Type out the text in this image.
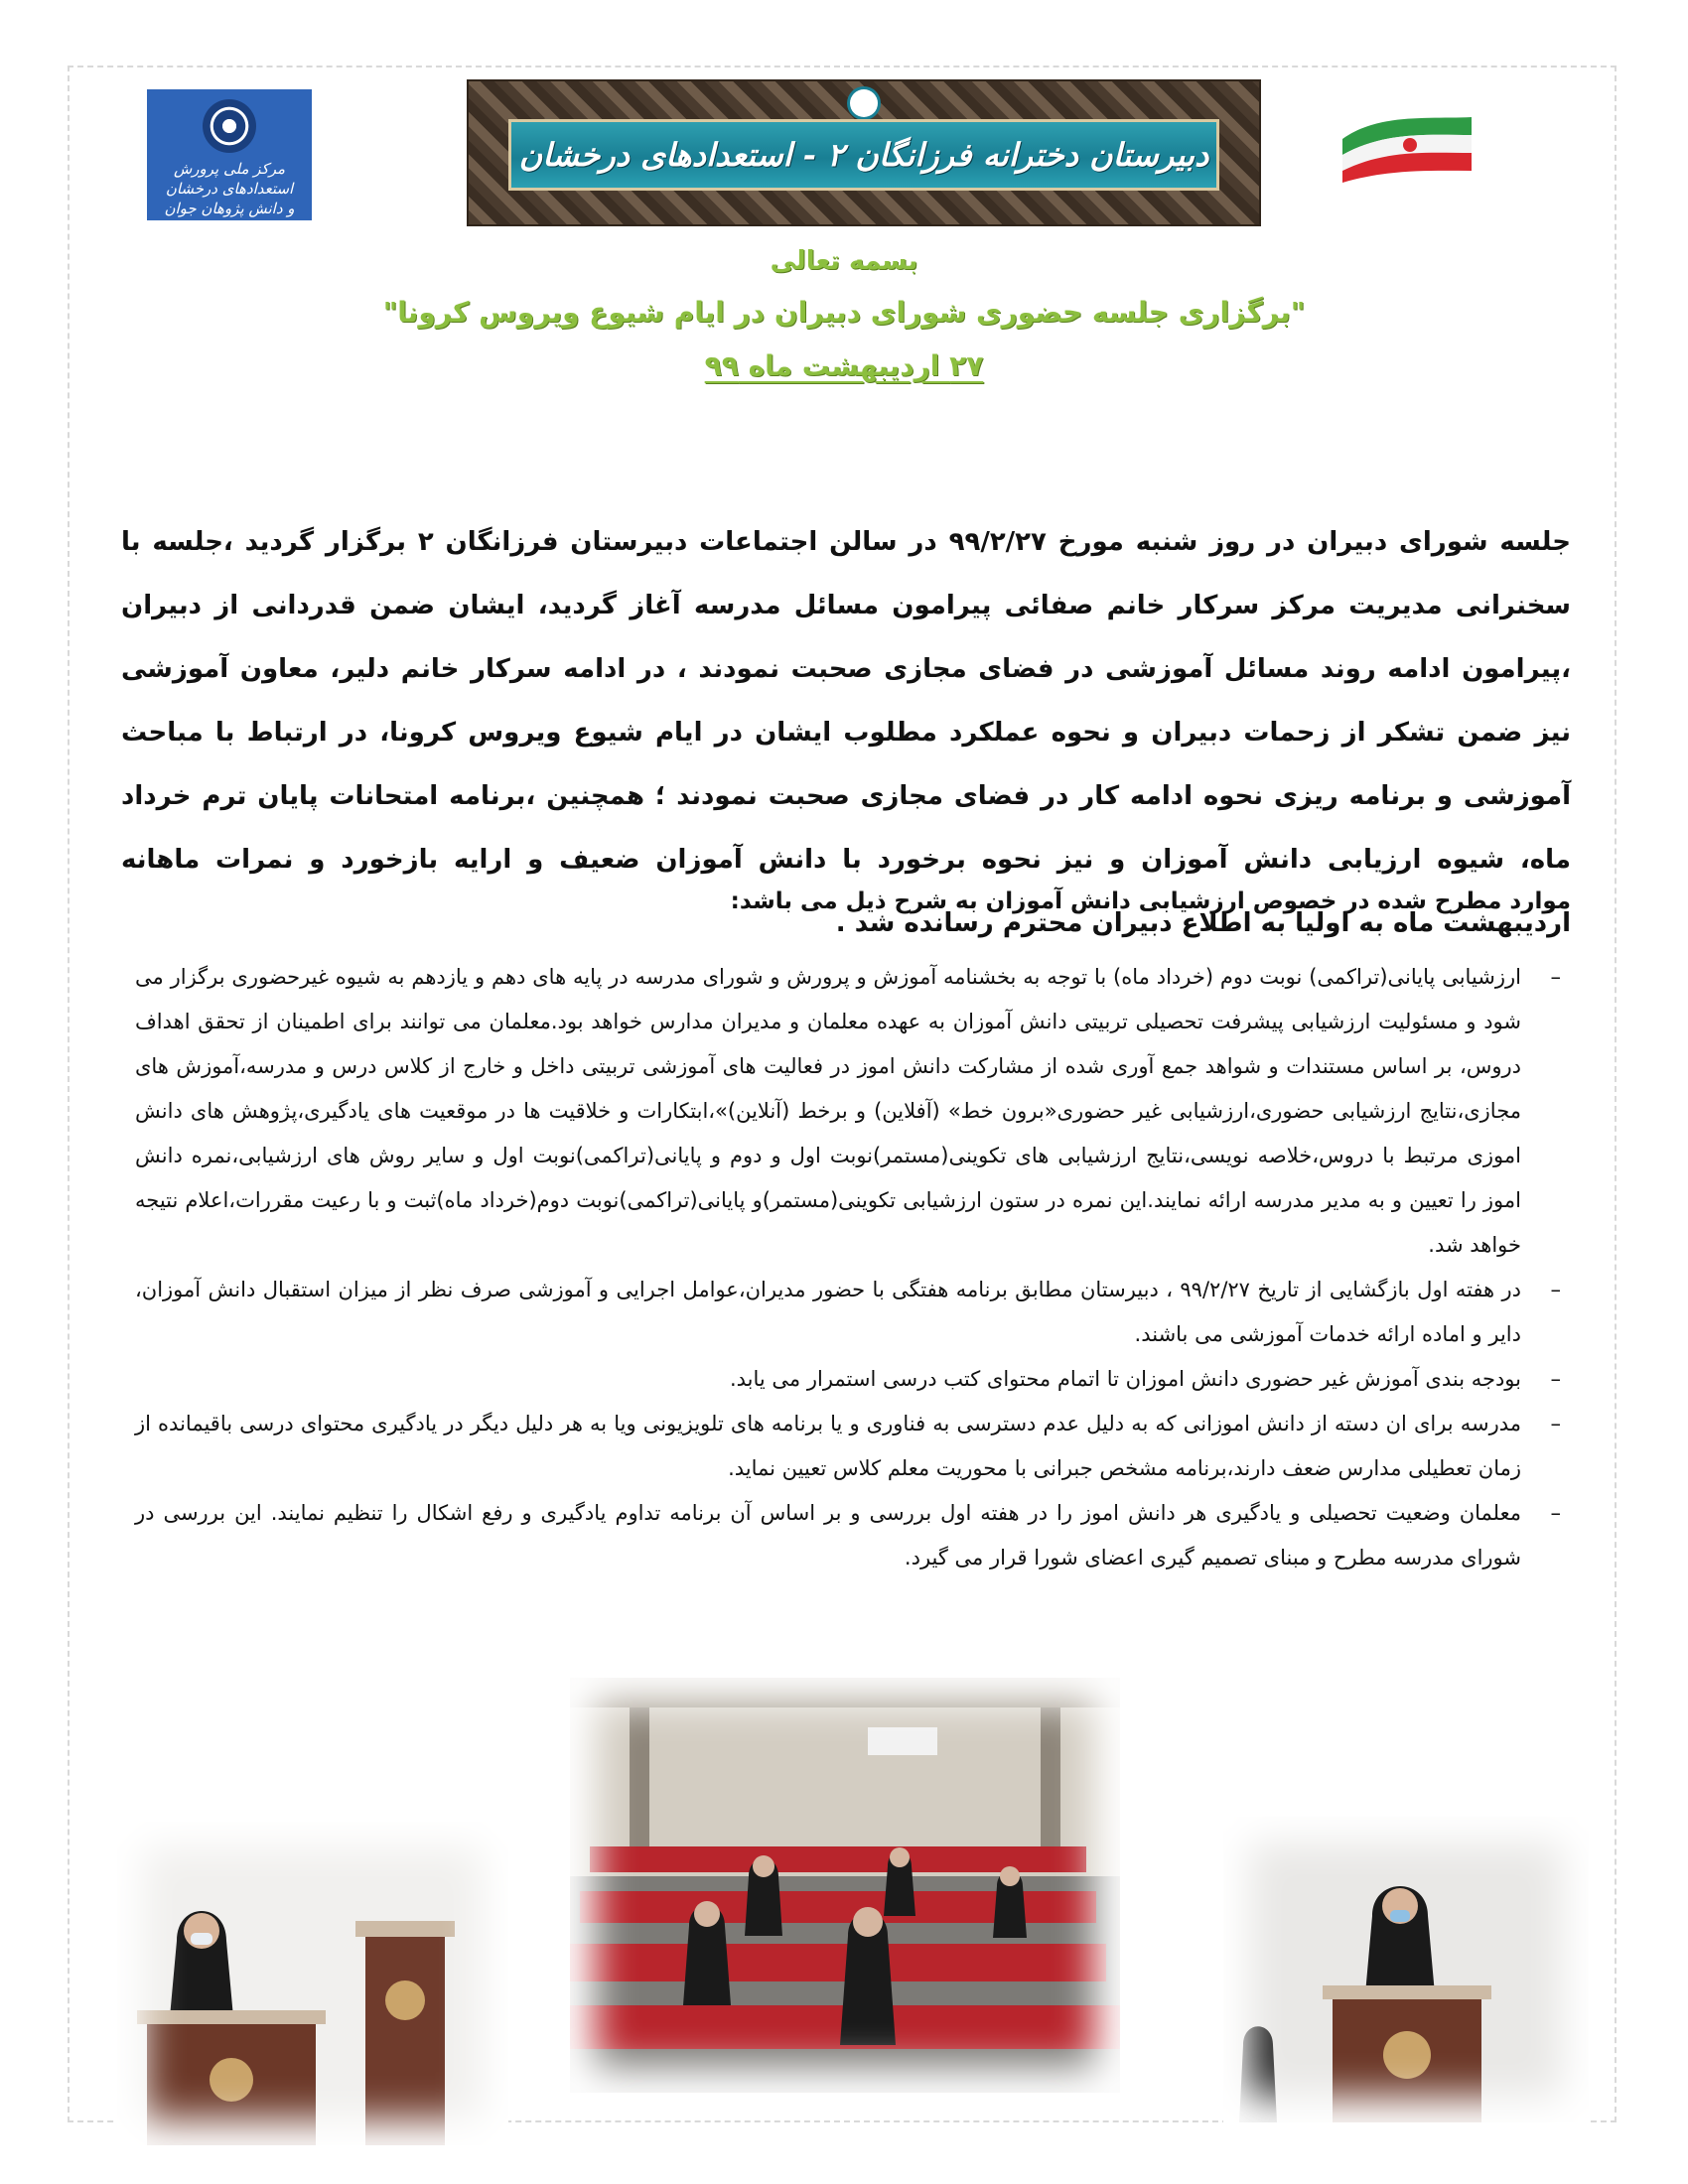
مرکز ملی پرورش استعدادهای درخشان
و دانش پژوهان جوان
دبیرستان دخترانه فرزانگان ۲ - استعدادهای درخشان
بسمه تعالی
"برگزاری جلسه حضوری شورای دبیران در ایام شیوع ویروس کرونا"
۲۷ اردیبهشت ماه ۹۹

جلسه شورای دبیران در روز شنبه مورخ ۹۹/۲/۲۷ در سالن اجتماعات دبیرستان فرزانگان ۲ برگزار گردید ،جلسه با سخنرانی مدیریت مرکز سرکار خانم صفائی پیرامون مسائل مدرسه آغاز گردید، ایشان ضمن قدردانی از دبیران ،پیرامون ادامه روند مسائل آموزشی در فضای مجازی صحبت نمودند ، در ادامه سرکار خانم دلیر، معاون آموزشی نیز ضمن تشکر از زحمات دبیران و نحوه عملکرد مطلوب ایشان در ایام شیوع ویروس کرونا، در ارتباط با مباحث آموزشی و برنامه ریزی نحوه ادامه کار در فضای مجازی صحبت نمودند ؛ همچنین ،برنامه امتحانات پایان ترم خرداد ماه، شیوه ارزیابی دانش آموزان و نیز نحوه برخورد با دانش آموزان ضعیف و ارایه بازخورد و نمرات ماهانه اردیبهشت ماه به اولیا به اطلاع دبیران محترم رسانده شد .

موارد مطرح شده در خصوص ارزشیابی دانش آموزان به شرح ذیل می باشد:
–
ارزشیابی پایانی(تراکمی) نوبت دوم (خرداد ماه) با توجه به بخشنامه آموزش و پرورش و شورای مدرسه در پایه های دهم و یازدهم به شیوه غیرحضوری برگزار می شود و مسئولیت ارزشیابی پیشرفت تحصیلی تربیتی دانش آموزان به عهده معلمان و مدیران مدارس خواهد بود.معلمان می توانند برای اطمینان از تحقق اهداف دروس، بر اساس مستندات و شواهد جمع آوری شده از مشارکت دانش اموز در فعالیت های آموزشی تربیتی داخل و خارج از کلاس درس و مدرسه،آموزش های مجازی،نتایج ارزشیابی حضوری،ارزشیابی غیر حضوری«برون خط» (آفلاین) و برخط (آنلاین)»،ابتکارات و خلاقیت ها در موقعیت های یادگیری،پژوهش های دانش اموزی مرتبط با دروس،خلاصه نویسی،نتایج ارزشیابی های تکوینی(مستمر)نوبت اول و دوم و پایانی(تراکمی)نوبت اول و سایر روش های ارزشیابی،نمره دانش اموز را تعیین و به مدیر مدرسه ارائه نمایند.این نمره در ستون ارزشیابی تکوینی(مستمر)و پایانی(تراکمی)نوبت دوم(خرداد ماه)ثبت و با رعیت مقررات،اعلام نتیجه خواهد شد.
–
در هفته اول بازگشایی از تاریخ ۹۹/۲/۲۷ ، دبیرستان مطابق برنامه هفتگی با حضور مدیران،عوامل اجرایی و آموزشی صرف نظر از میزان استقبال دانش آموزان، دایر و اماده ارائه خدمات آموزشی می باشند.
–
بودجه بندی آموزش غیر حضوری دانش اموزان تا اتمام محتوای کتب درسی استمرار می یابد.
–
مدرسه برای ان دسته از دانش اموزانی که به دلیل عدم دسترسی به فناوری و یا برنامه های تلویزیونی ویا به هر دلیل دیگر در یادگیری محتوای درسی باقیمانده از زمان تعطیلی مدارس ضعف دارند،برنامه مشخص جبرانی با محوریت معلم کلاس تعیین نماید.
–
معلمان وضعیت تحصیلی و یادگیری هر دانش اموز را در هفته اول بررسی و بر اساس آن برنامه تداوم یادگیری و رفع اشکال را تنظیم نمایند. این بررسی در شورای مدرسه مطرح و مبنای تصمیم گیری اعضای شورا قرار می گیرد.
